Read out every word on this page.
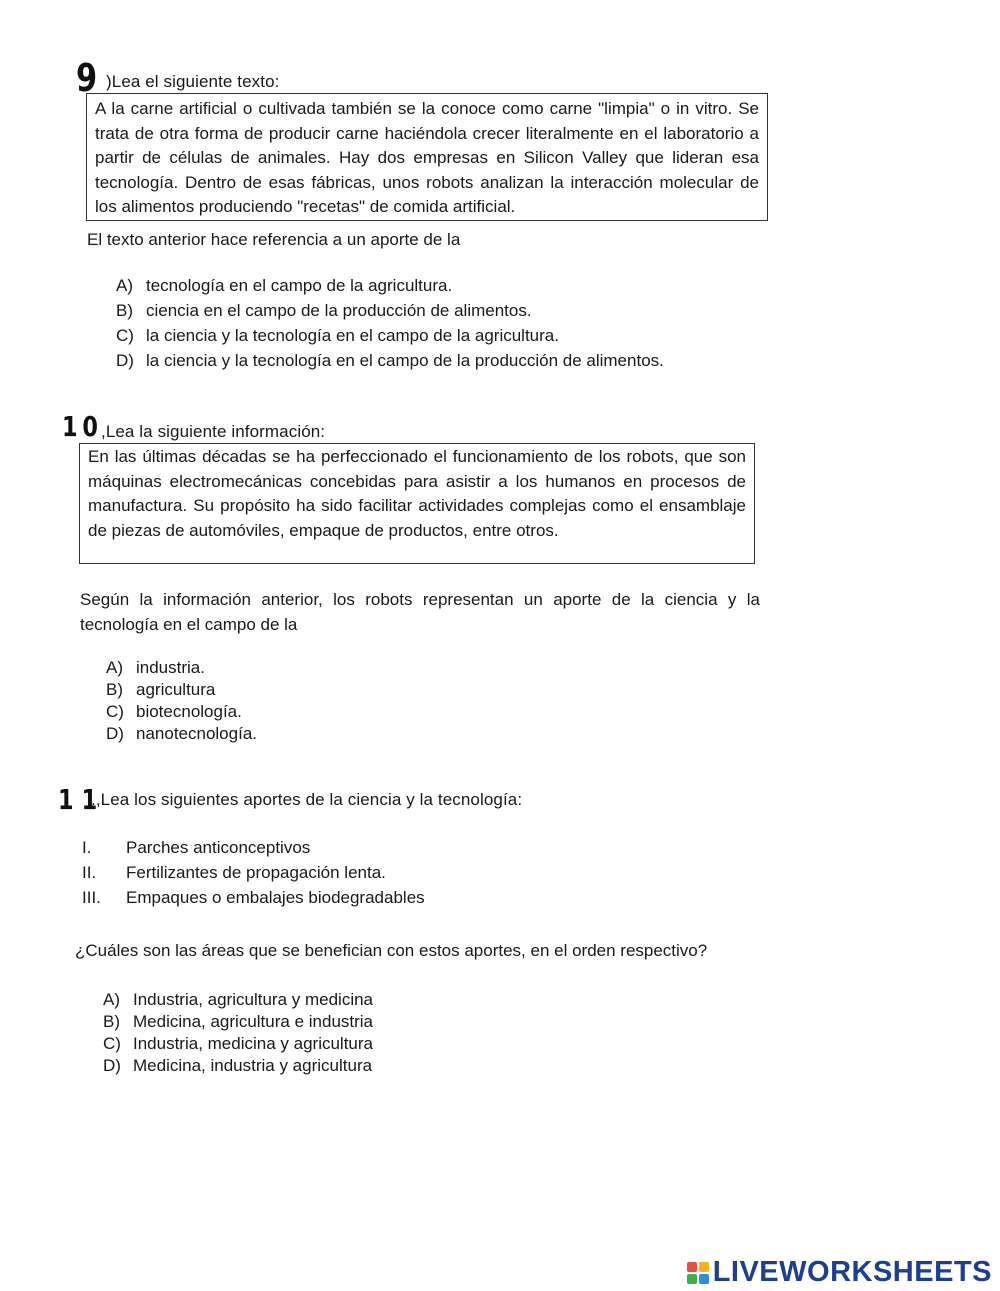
9 )Lea el siguiente texto:

A la carne artificial o cultivada también se la conoce como carne "limpia" o in vitro. Se trata de otra forma de producir carne haciéndola crecer literalmente en el laboratorio a partir de células de animales. Hay dos empresas en Silicon Valley que lideran esa tecnología. Dentro de esas fábricas, unos robots analizan la interacción molecular de los alimentos produciendo "recetas" de comida artificial.

El texto anterior hace referencia a un aporte de la
A) tecnología en el campo de la agricultura.
B) ciencia en el campo de la producción de alimentos.
C) la ciencia y la tecnología en el campo de la agricultura.
D) la ciencia y la tecnología en el campo de la producción de alimentos.
10
,Lea la siguiente información:

En las últimas décadas se ha perfeccionado el funcionamiento de los robots, que son máquinas electromecánicas concebidas para asistir a los humanos en procesos de manufactura. Su propósito ha sido facilitar actividades complejas como el ensamblaje de piezas de automóviles, empaque de productos, entre otros.

Según la información anterior, los robots representan un aporte de la ciencia y la tecnología en el campo de la
A) industria.
B) agricultura
C) biotecnología.
D) nanotecnología.
11
.,Lea los siguientes aportes de la ciencia y la tecnología:
I.	Parches anticonceptivos
II.	Fertilizantes de propagación lenta.
III.	Empaques o embalajes biodegradables
¿Cuáles son las áreas que se benefician con estos aportes, en el orden respectivo?
A) Industria, agricultura y medicina
B) Medicina, agricultura e industria
C) Industria, medicina y agricultura
D) Medicina, industria y agricultura
LIVEWORKSHEETS
